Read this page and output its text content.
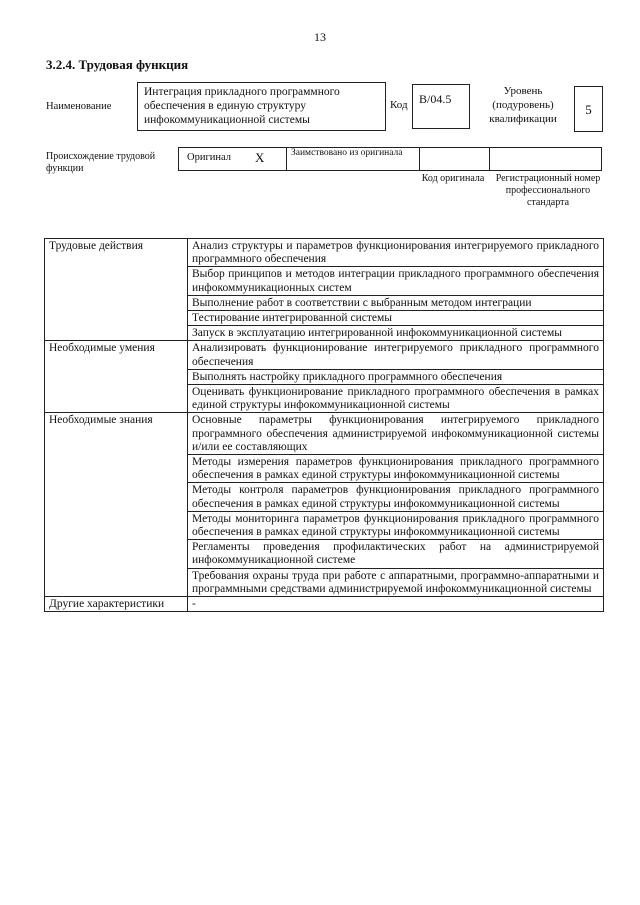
13
3.2.4. Трудовая функция
Наименование
Интеграция прикладного программного обеспечения в единую структуру инфокоммуникационной системы
Код B/04.5
Уровень (подуровень) квалификации
5
Происхождение трудовой функции
Оригинал X	Заимствовано из оригинала
Код оригинала	Регистрационный номер профессионального стандарта
Трудовые действия	Анализ структуры и параметров функционирования интегрируемого прикладного программного обеспечения
	Выбор принципов и методов интеграции прикладного программного обеспечения инфокоммуникационных систем
	Выполнение работ в соответствии с выбранным методом интеграции
	Тестирование интегрированной системы
	Запуск в эксплуатацию интегрированной инфокоммуникационной системы
Необходимые умения	Анализировать функционирование интегрируемого прикладного программного обеспечения
	Выполнять настройку прикладного программного обеспечения
	Оценивать функционирование прикладного программного обеспечения в рамках единой структуры инфокоммуникационной системы
Необходимые знания	Основные параметры функционирования интегрируемого прикладного программного обеспечения администрируемой инфокоммуникационной системы и/или ее составляющих
	Методы измерения параметров функционирования прикладного программного обеспечения в рамках единой структуры инфокоммуникационной системы
	Методы контроля параметров функционирования прикладного программного обеспечения в рамках единой структуры инфокоммуникационной системы
	Методы мониторинга параметров функционирования прикладного программного обеспечения в рамках единой структуры инфокоммуникационной системы
	Регламенты проведения профилактических работ на администрируемой инфокоммуникационной системе
	Требования охраны труда при работе с аппаратными, программно-аппаратными и программными средствами администрируемой инфокоммуникационной системы
Другие характеристики	-
